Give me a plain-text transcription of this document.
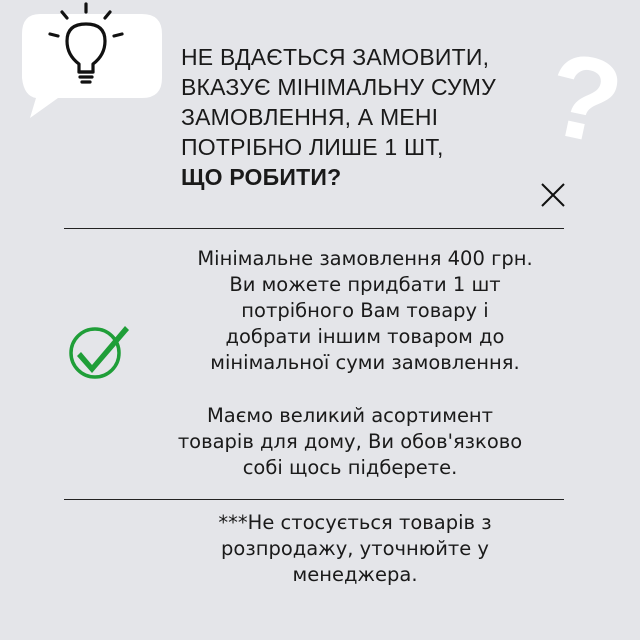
НЕ ВДАЄТЬСЯ ЗАМОВИТИ,
ВКАЗУЄ МІНІМАЛЬНУ СУМУ
ЗАМОВЛЕННЯ, А МЕНІ
ПОТРІБНО ЛИШЕ 1 ШТ,
ЩО РОБИТИ?
?
Мінімальне замовлення 400 грн.
Ви можете придбати 1 шт
потрібного Вам товару і
добрати іншим товаром до
мінімальної суми замовлення.
Маємо великий асортимент
товарів для дому, Ви обов'язково
собі щось підберете.
***Не стосується товарів з
розпродажу, уточнюйте у
менеджера.
